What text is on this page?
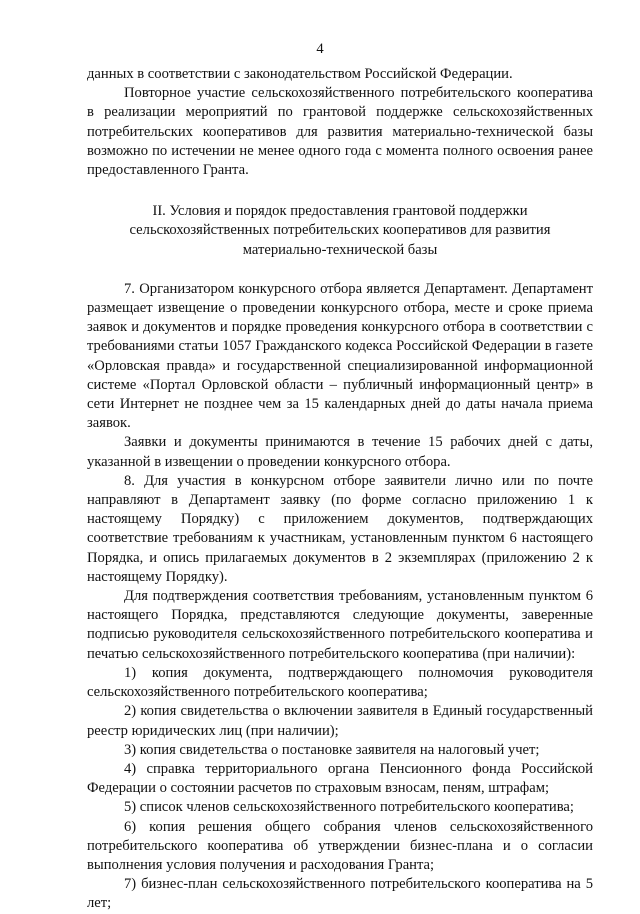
4

данных в соответствии с законодательством Российской Федерации.

Повторное участие сельскохозяйственного потребительского кооператива в реализации мероприятий по грантовой поддержке сельскохозяйственных потребительских кооперативов для развития материально-технической базы возможно по истечении не менее одного года с момента полного освоения ранее предоставленного Гранта.

II. Условия и порядок предоставления грантовой поддержки сельскохозяйственных потребительских кооперативов для развития материально-технической базы

7. Организатором конкурсного отбора является Департамент. Департамент размещает извещение о проведении конкурсного отбора, месте и сроке приема заявок и документов и порядке проведения конкурсного отбора в соответствии с требованиями статьи 1057 Гражданского кодекса Российской Федерации в газете «Орловская правда» и государственной специализированной информационной системе «Портал Орловской области – публичный информационный центр» в сети Интернет не позднее чем за 15 календарных дней до даты начала приема заявок.

Заявки и документы принимаются в течение 15 рабочих дней с даты, указанной в извещении о проведении конкурсного отбора.

8. Для участия в конкурсном отборе заявители лично или по почте направляют в Департамент заявку (по форме согласно приложению 1 к настоящему Порядку) с приложением документов, подтверждающих соответствие требованиям к участникам, установленным пунктом 6 настоящего Порядка, и опись прилагаемых документов в 2 экземплярах (приложению 2 к настоящему Порядку).

Для подтверждения соответствия требованиям, установленным пунктом 6 настоящего Порядка, представляются следующие документы, заверенные подписью руководителя сельскохозяйственного потребительского кооператива и печатью сельскохозяйственного потребительского кооператива (при наличии):

1) копия документа, подтверждающего полномочия руководителя сельскохозяйственного потребительского кооператива;

2) копия свидетельства о включении заявителя в Единый государственный реестр юридических лиц (при наличии);

3) копия свидетельства о постановке заявителя на налоговый учет;

4) справка территориального органа Пенсионного фонда Российской Федерации о состоянии расчетов по страховым взносам, пеням, штрафам;

5) список членов сельскохозяйственного потребительского кооператива;

6) копия решения общего собрания членов сельскохозяйственного потребительского кооператива об утверждении бизнес-плана и о согласии выполнения условия получения и расходования Гранта;

7) бизнес-план сельскохозяйственного потребительского кооператива на 5 лет;
